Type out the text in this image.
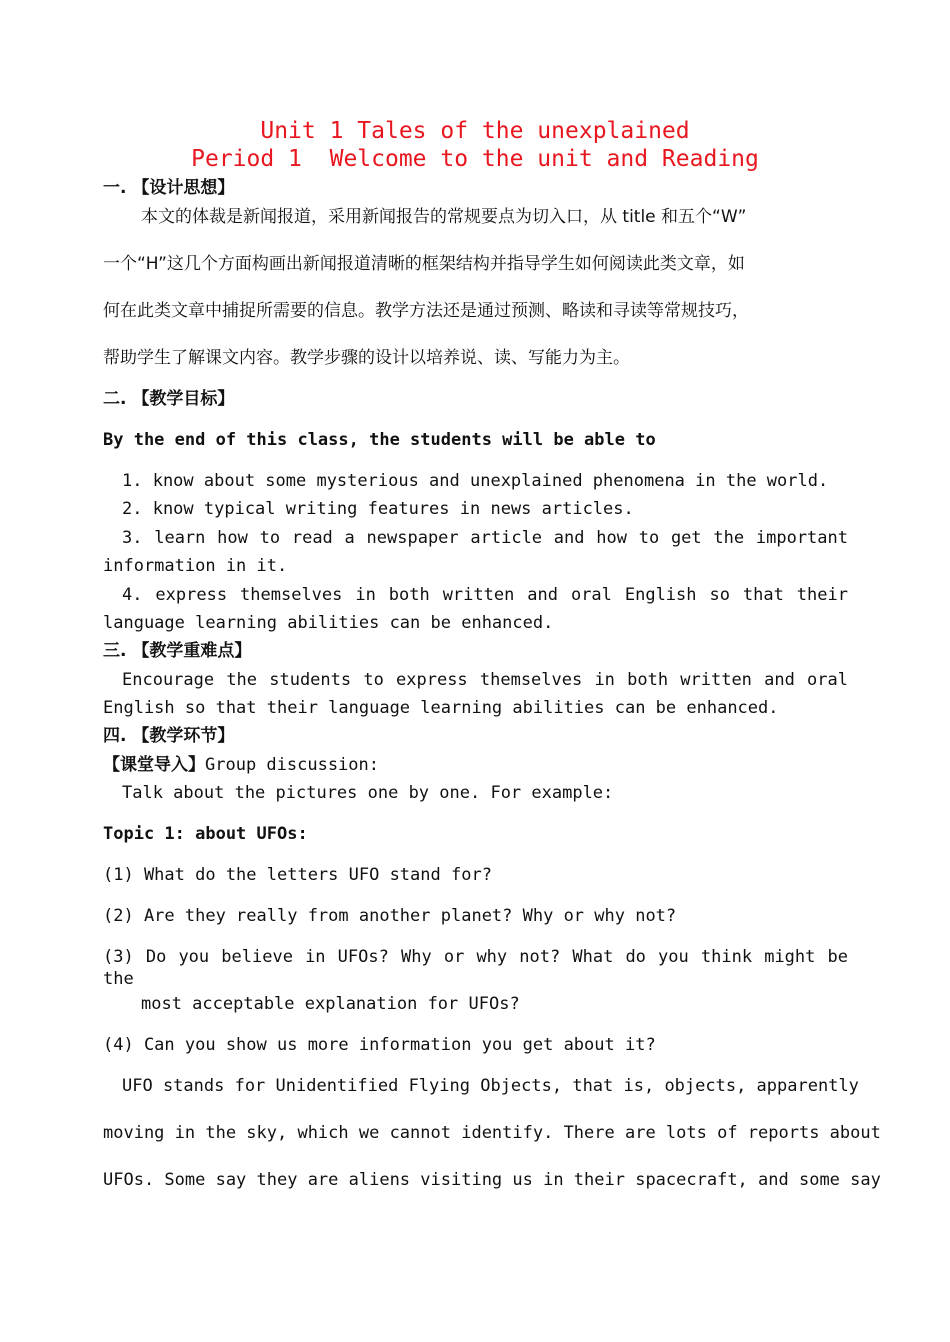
Unit 1 Tales of the unexplained
Period 1  Welcome to the unit and Reading
一. 【设计思想】
本文的体裁是新闻报道，采用新闻报告的常规要点为切入口，从 title 和五个“W”
一个“H”这几个方面构画出新闻报道清晰的框架结构并指导学生如何阅读此类文章，如
何在此类文章中捕捉所需要的信息。教学方法还是通过预测、略读和寻读等常规技巧，
帮助学生了解课文内容。教学步骤的设计以培养说、读、写能力为主。
二. 【教学目标】
By the end of this class, the students will be able to
1. know about some mysterious and unexplained phenomena in the world.
2. know typical writing features in news articles.
3. learn how to read a newspaper article and how to get the important
information in it.
4. express themselves in both written and oral English so that their
language learning abilities can be enhanced.
三. 【教学重难点】
Encourage the students to express themselves in both written and oral
English so that their language learning abilities can be enhanced.
四. 【教学环节】
【课堂导入】Group discussion:
Talk about the pictures one by one. For example:
Topic 1: about UFOs:
(1) What do the letters UFO stand for?
(2) Are they really from another planet? Why or why not?
(3) Do you believe in UFOs? Why or why not? What do you think might be the
most acceptable explanation for UFOs?
(4) Can you show us more information you get about it?
UFO stands for Unidentified Flying Objects, that is, objects, apparently
moving in the sky, which we cannot identify. There are lots of reports about
UFOs. Some say they are aliens visiting us in their spacecraft, and some say
